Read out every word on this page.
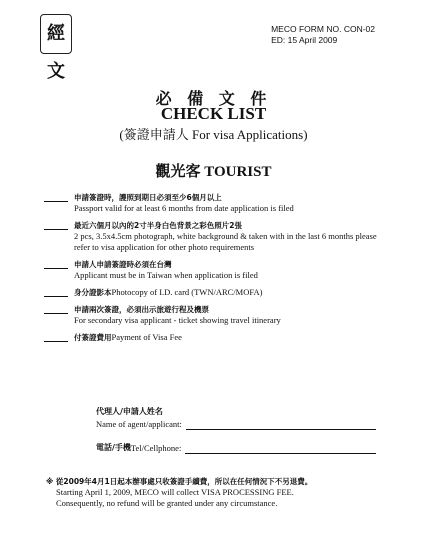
經文
MECO FORM NO. CON-02
ED: 15 April 2009
必 備 文 件
CHECK LIST
(簽證申請人 For visa Applications)
觀光客 TOURIST
申請簽證時，護照到期日必須至少6個月以上
Passport valid for at least 6 months from date application is filed
最近六個月以內的2寸半身白色背景之彩色照片2張
2 pcs, 3.5x4.5cm photograph, white background & taken with in the last 6 months please refer to visa application for other photo requirements
申請人申請簽證時必須在台灣
Applicant must be in Taiwan when application is filed
身分證影本Photocopy of I.D. card (TWN/ARC/MOFA)
申請兩次簽證，必須出示旅遊行程及機票
For secondary visa applicant - ticket showing travel itinerary
付簽證費用Payment of Visa Fee
代理人/申請人姓名
Name of agent/applicant:
電話/手機 Tel/Cellphone:
※ 從2009年4月1日起本辦事處只收簽證手續費，所以在任何情況下不另退費。
Starting April 1, 2009, MECO will collect VISA PROCESSING FEE.
Consequently, no refund will be granted under any circumstance.
